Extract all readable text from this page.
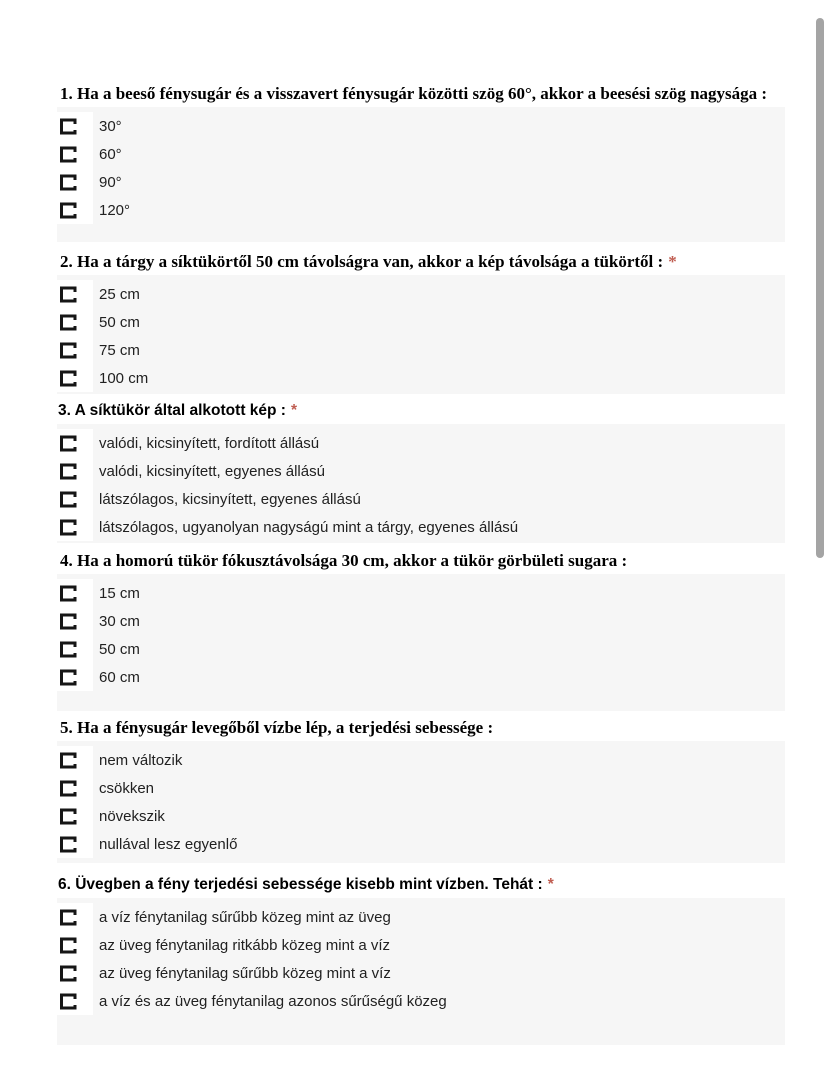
1. Ha a beeső fénysugár és a visszavert fénysugár közötti szög 60°, akkor a beesési szög nagysága :
30°
60°
90°
120°
2. Ha a tárgy a síktükörtől 50 cm távolságra van, akkor a kép távolsága a tükörtől : *
25 cm
50 cm
75 cm
100 cm
3. A síktükör által alkotott kép : *
valódi, kicsinyített, fordított állású
valódi, kicsinyített, egyenes állású
látszólagos, kicsinyített, egyenes állású
látszólagos, ugyanolyan nagyságú mint a tárgy, egyenes állású
4. Ha a homorú tükör fókusztávolsága 30 cm, akkor a tükör görbületi sugara :
15 cm
30 cm
50 cm
60 cm
5. Ha a fénysugár levegőből vízbe lép, a terjedési sebessége :
nem változik
csökken
növekszik
nullával lesz egyenlő
6. Üvegben a fény terjedési sebessége kisebb mint vízben. Tehát : *
a víz fénytanilag sűrűbb közeg mint az üveg
az üveg fénytanilag ritkább közeg mint a víz
az üveg fénytanilag sűrűbb közeg mint a víz
a víz és az üveg fénytanilag azonos sűrűségű közeg
